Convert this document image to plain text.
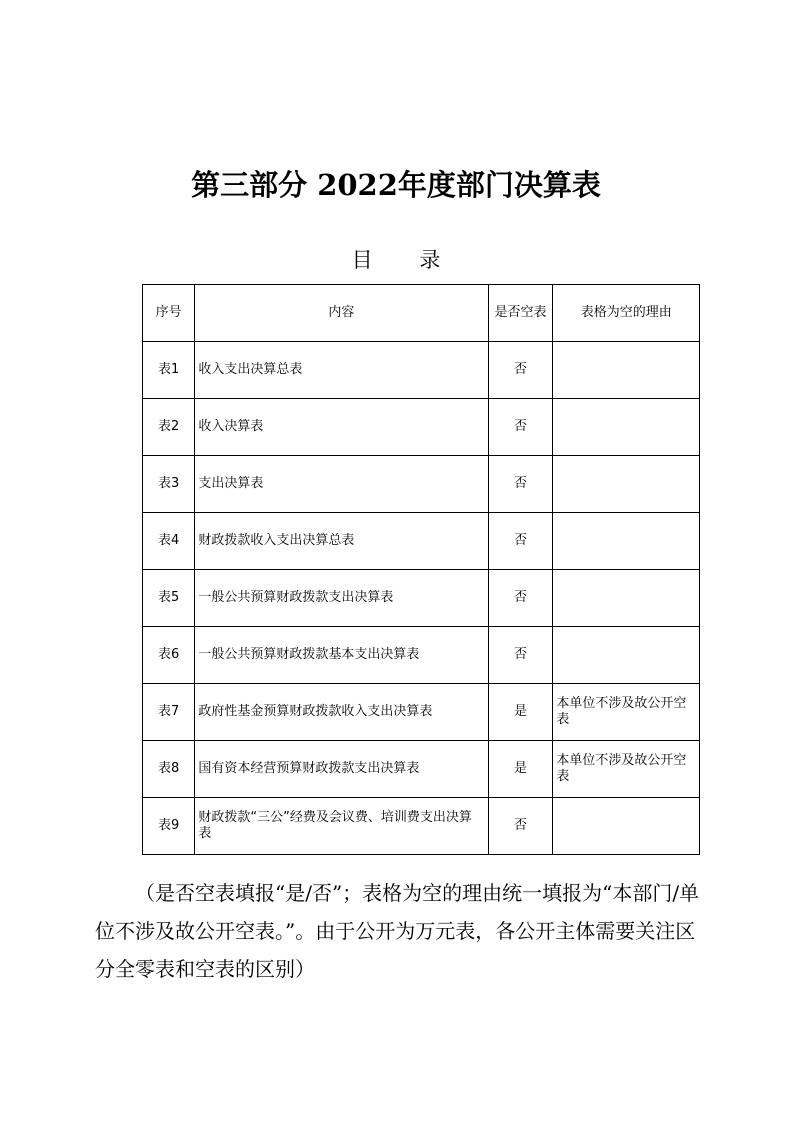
第三部分 2022年度部门决算表
目 录
序号	内容	是否空表	表格为空的理由
表1	收入支出决算总表	否	
表2	收入决算表	否	
表3	支出决算表	否	
表4	财政拨款收入支出决算总表	否	
表5	一般公共预算财政拨款支出决算表	否	
表6	一般公共预算财政拨款基本支出决算表	否	
表7	政府性基金预算财政拨款收入支出决算表	是	本单位不涉及故公开空表
表8	国有资本经营预算财政拨款支出决算表	是	本单位不涉及故公开空表
表9	财政拨款“三公”经费及会议费、培训费支出决算表	否	
（是否空表填报“是/否”；表格为空的理由统一填报为“本部门/单位不涉及故公开空表。”。由于公开为万元表，各公开主体需要关注区分全零表和空表的区别）
